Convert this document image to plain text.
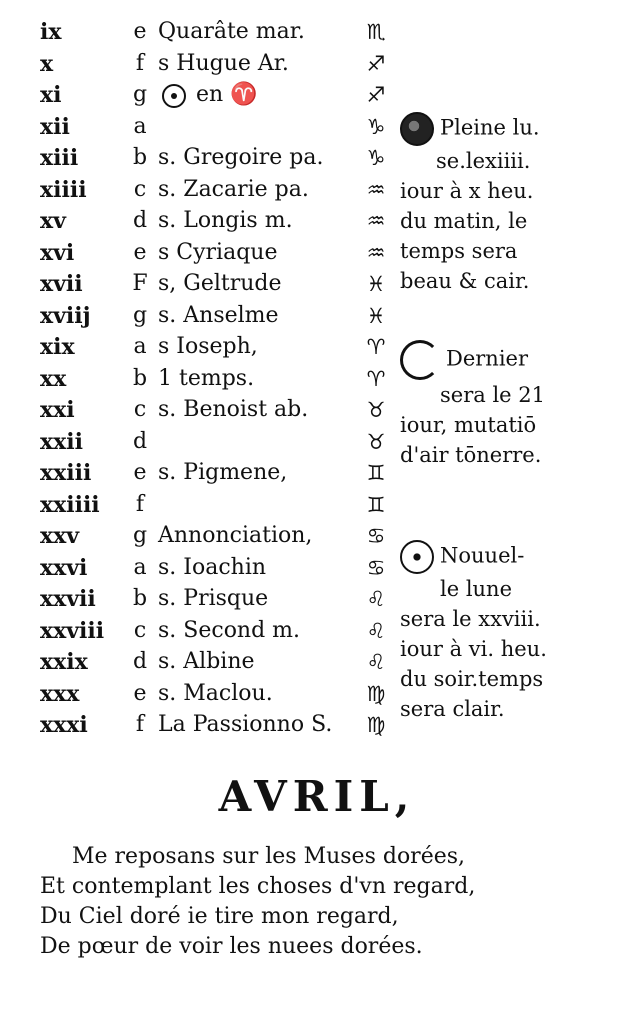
ix	e Quarâte mar.	♏
x	f s Hugue Ar.	♐
xi	g en ♈	♐
xii	a	♑
xiii	b s. Gregoire pa.	♑
xiiii	c s. Zacarie pa.	♒
xv	d s. Longis m.	♒
xvi	e s Cyriaque	♒
xvii	F s, Geltrude	♓
xviij	g s. Anselme	♓
xix	a s Ioseph,	♈
xx	b 1 temps.	♈
xxi	c s. Benoist ab.	♉
xxii	d	♉
xxiii	e s. Pigmene,	♊
xxiiii	f	♊
xxv	g Annonciation,	♋
xxvi	a s. Ioachin	♋
xxvii	b s. Prisque	♌
xxviii	c s. Second m.	♌
xxix	d s. Albine	♌
xxx	e s. Maclou.	♍
xxxi	f La Passionno S.	♍
Pleine lu.
se.lexiiii.
iour à x heu.
du matin, le
temps sera
beau & cair.
Dernier
sera le 21
iour, mutatiō
d'air tōnerre.
Nouuel-
le lune
sera le xxviii.
iour à vi. heu.
du soir.temps
sera clair.
AVRIL,
Me reposans sur les Muses dorées,
Et contemplant les choses d'vn regard,
Du Ciel doré ie tire mon regard,
De pœur de voir les nuees dorées.
